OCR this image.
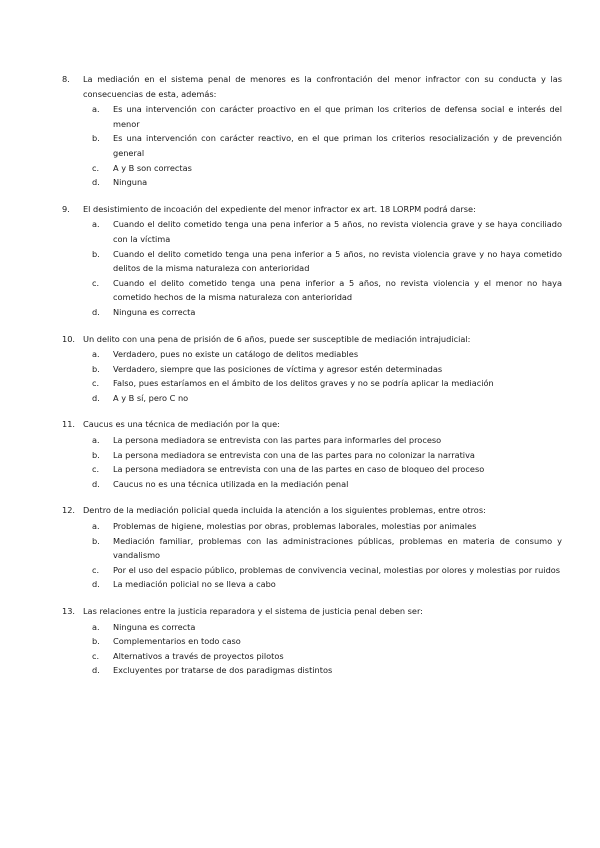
8. La mediación en el sistema penal de menores es la confrontación del menor infractor con su conducta y las consecuencias de esta, además:
a. Es una intervención con carácter proactivo en el que priman los criterios de defensa social e interés del menor
b. Es una intervención con carácter reactivo, en el que priman los criterios resocialización y de prevención general
c. A y B son correctas
d. Ninguna
9. El desistimiento de incoación del expediente del menor infractor ex art. 18 LORPM podrá darse:
a. Cuando el delito cometido tenga una pena inferior a 5 años, no revista violencia grave y se haya conciliado con la víctima
b. Cuando el delito cometido tenga una pena inferior a 5 años, no revista violencia grave y no haya cometido delitos de la misma naturaleza con anterioridad
c. Cuando el delito cometido tenga una pena inferior a 5 años, no revista violencia y el menor no haya cometido hechos de la misma naturaleza con anterioridad
d. Ninguna es correcta
10. Un delito con una pena de prisión de 6 años, puede ser susceptible de mediación intrajudicial:
a. Verdadero, pues no existe un catálogo de delitos mediables
b. Verdadero, siempre que las posiciones de víctima y agresor estén determinadas
c. Falso, pues estaríamos en el ámbito de los delitos graves y no se podría aplicar la mediación
d. A y B sí, pero C no
11. Caucus es una técnica de mediación por la que:
a. La persona mediadora se entrevista con las partes para informarles del proceso
b. La persona mediadora se entrevista con una de las partes para no colonizar la narrativa
c. La persona mediadora se entrevista con una de las partes en caso de bloqueo del proceso
d. Caucus no es una técnica utilizada en la mediación penal
12. Dentro de la mediación policial queda incluida la atención a los siguientes problemas, entre otros:
a. Problemas de higiene, molestias por obras, problemas laborales, molestias por animales
b. Mediación familiar, problemas con las administraciones públicas, problemas en materia de consumo y vandalismo
c. Por el uso del espacio público, problemas de convivencia vecinal, molestias por olores y molestias por ruidos
d. La mediación policial no se lleva a cabo
13. Las relaciones entre la justicia reparadora y el sistema de justicia penal deben ser:
a. Ninguna es correcta
b. Complementarios en todo caso
c. Alternativos a través de proyectos pilotos
d. Excluyentes por tratarse de dos paradigmas distintos
